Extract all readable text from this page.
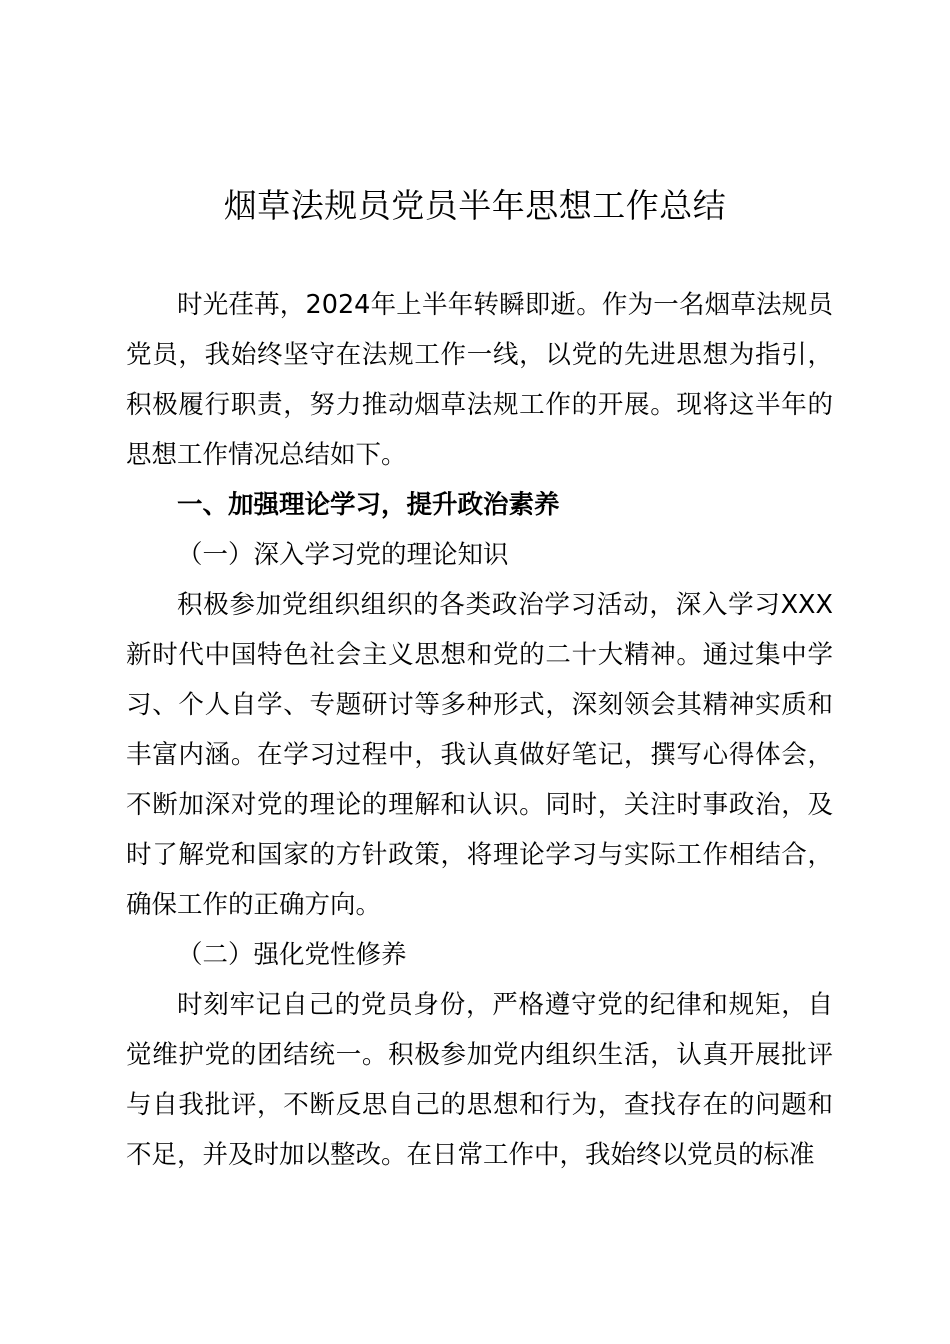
烟草法规员党员半年思想工作总结

时光荏苒，2024年上半年转瞬即逝。作为一名烟草法规员党员，我始终坚守在法规工作一线，以党的先进思想为指引，积极履行职责，努力推动烟草法规工作的开展。现将这半年的思想工作情况总结如下。

一、加强理论学习，提升政治素养

（一）深入学习党的理论知识

积极参加党组织组织的各类政治学习活动，深入学习XXX新时代中国特色社会主义思想和党的二十大精神。通过集中学习、个人自学、专题研讨等多种形式，深刻领会其精神实质和丰富内涵。在学习过程中，我认真做好笔记，撰写心得体会，不断加深对党的理论的理解和认识。同时，关注时事政治，及时了解党和国家的方针政策，将理论学习与实际工作相结合，确保工作的正确方向。

（二）强化党性修养

时刻牢记自己的党员身份，严格遵守党的纪律和规矩，自觉维护党的团结统一。积极参加党内组织生活，认真开展批评与自我批评，不断反思自己的思想和行为，查找存在的问题和不足，并及时加以整改。在日常工作中，我始终以党员的标准
